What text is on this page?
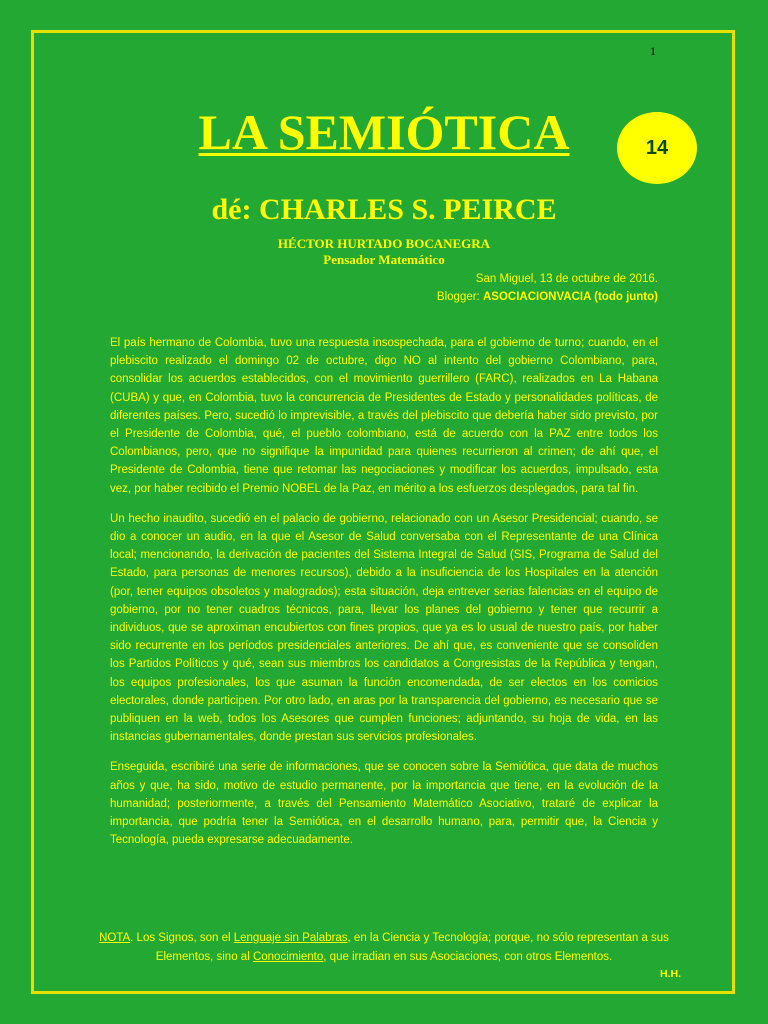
1
LA SEMIÓTICA	14
dé: CHARLES S. PEIRCE
HÉCTOR HURTADO BOCANEGRA
Pensador Matemático
San Miguel, 13 de octubre de 2016.
Blogger: ASOCIACIONVACIA (todo junto)

El país hermano de Colombia, tuvo una respuesta insospechada, para el gobierno de turno; cuando, en el plebiscito realizado el domingo 02 de octubre, digo NO al intento del gobierno Colombiano, para, consolidar los acuerdos establecidos, con el movimiento guerrillero (FARC), realizados en La Habana (CUBA) y que, en Colombia, tuvo la concurrencia de Presidentes de Estado y personalidades políticas, de diferentes países. Pero, sucedió lo imprevisible, a través del plebiscito que debería haber sido previsto, por el Presidente de Colombia, qué, el pueblo colombiano, está de acuerdo con la PAZ entre todos los Colombianos, pero, que no signifique la impunidad para quienes recurrieron al crimen; de ahí que, el Presidente de Colombia, tiene que retomar las negociaciones y modificar los acuerdos, impulsado, esta vez, por haber recibido el Premio NOBEL de la Paz, en mérito a los esfuerzos desplegados, para tal fin.

Un hecho inaudito, sucedió en el palacio de gobierno, relacionado con un Asesor Presidencial; cuando, se dio a conocer un audio, en la que el Asesor de Salud conversaba con el Representante de una Clínica local; mencionando, la derivación de pacientes del Sistema Integral de Salud (SIS, Programa de Salud del Estado, para personas de menores recursos), debido a la insuficiencia de los Hospitales en la atención (por, tener equipos obsoletos y malogrados); esta situación, deja entrever serias falencias en el equipo de gobierno, por no tener cuadros técnicos, para, llevar los planes del gobierno y tener que recurrir a individuos, que se aproximan encubiertos con fines propios, que ya es lo usual de nuestro país, por haber sido recurrente en los períodos presidenciales anteriores. De ahí que, es conveniente que se consoliden los Partidos Políticos y qué, sean sus miembros los candidatos a Congresistas de la República y tengan, los equipos profesionales, los que asuman la función encomendada, de ser electos en los comicios electorales, donde participen. Por otro lado, en aras por la transparencia del gobierno, es necesario que se publiquen en la web, todos los Asesores que cumplen funciones; adjuntando, su hoja de vida, en las instancias gubernamentales, donde prestan sus servicios profesionales.

Enseguida, escribiré una serie de informaciones, que se conocen sobre la Semiótica, que data de muchos años y que, ha sido, motivo de estudio permanente, por la importancia que tiene, en la evolución de la humanidad; posteriormente, a través del Pensamiento Matemático Asociativo, trataré de explicar la importancia, que podría tener la Semiótica, en el desarrollo humano, para, permitir que, la Ciencia y Tecnología, pueda expresarse adecuadamente.

NOTA. Los Signos, son el Lenguaje sin Palabras, en la Ciencia y Tecnología; porque, no sólo representan a sus Elementos, sino al Conocimiento, que irradian en sus Asociaciones, con otros Elementos.
H.H.
